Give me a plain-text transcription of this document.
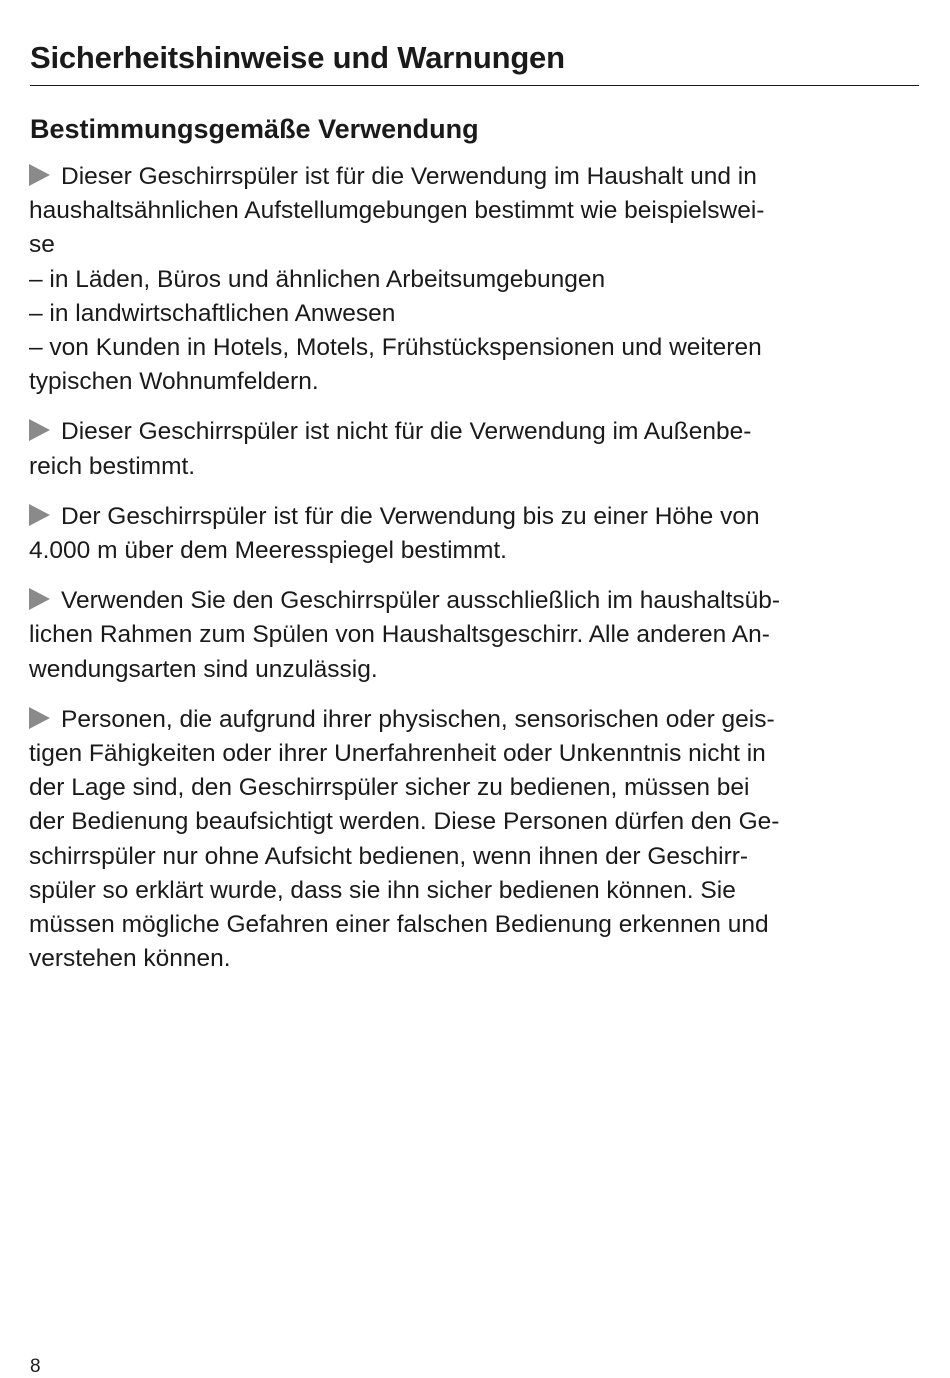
Sicherheitshinweise und Warnungen
Bestimmungsgemäße Verwendung
Dieser Geschirrspüler ist für die Verwendung im Haushalt und in
haushaltsähnlichen Aufstellumgebungen bestimmt wie beispielswei-
se
– in Läden, Büros und ähnlichen Arbeitsumgebungen
– in landwirtschaftlichen Anwesen
– von Kunden in Hotels, Motels, Frühstückspensionen und weiteren
typischen Wohnumfeldern.
Dieser Geschirrspüler ist nicht für die Verwendung im Außenbe-
reich bestimmt.
Der Geschirrspüler ist für die Verwendung bis zu einer Höhe von
4.000 m über dem Meeresspiegel bestimmt.
Verwenden Sie den Geschirrspüler ausschließlich im haushaltsüb-
lichen Rahmen zum Spülen von Haushaltsgeschirr. Alle anderen An-
wendungsarten sind unzulässig.
Personen, die aufgrund ihrer physischen, sensorischen oder geis-
tigen Fähigkeiten oder ihrer Unerfahrenheit oder Unkenntnis nicht in
der Lage sind, den Geschirrspüler sicher zu bedienen, müssen bei
der Bedienung beaufsichtigt werden. Diese Personen dürfen den Ge-
schirrspüler nur ohne Aufsicht bedienen, wenn ihnen der Geschirr-
spüler so erklärt wurde, dass sie ihn sicher bedienen können. Sie
müssen mögliche Gefahren einer falschen Bedienung erkennen und
verstehen können.
8
